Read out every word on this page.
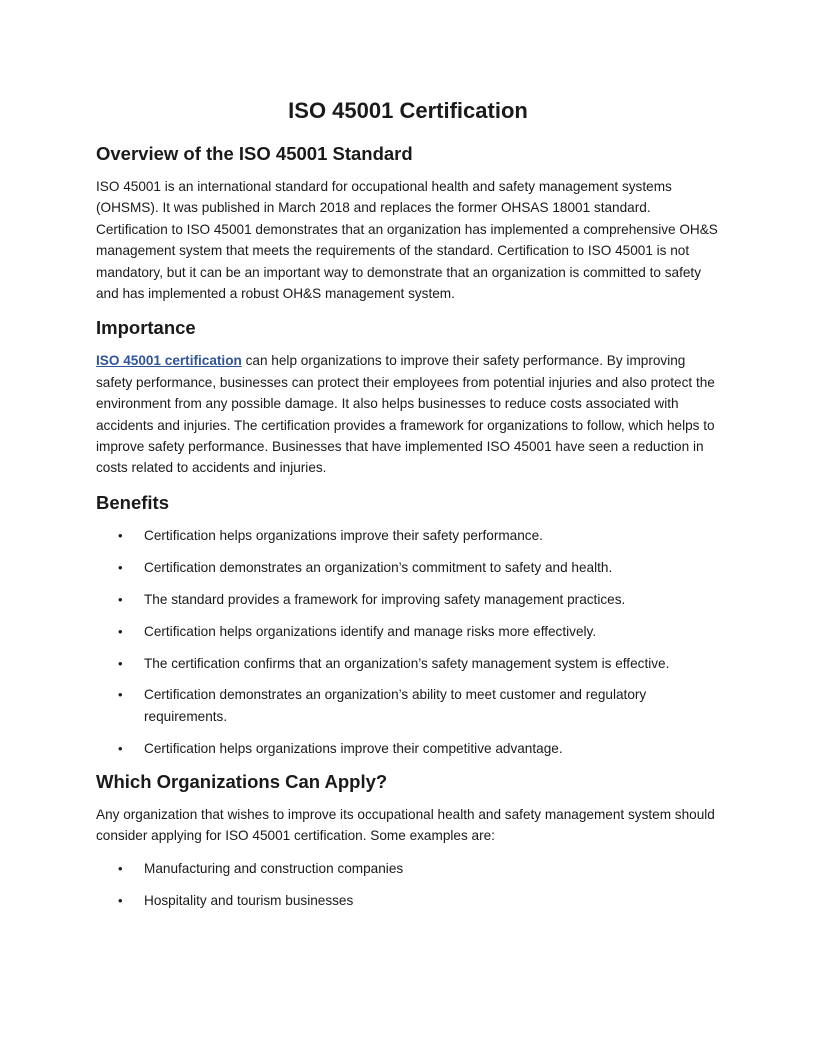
ISO 45001 Certification
Overview of the ISO 45001 Standard

ISO 45001 is an international standard for occupational health and safety management systems (OHSMS). It was published in March 2018 and replaces the former OHSAS 18001 standard. Certification to ISO 45001 demonstrates that an organization has implemented a comprehensive OH&S management system that meets the requirements of the standard. Certification to ISO 45001 is not mandatory, but it can be an important way to demonstrate that an organization is committed to safety and has implemented a robust OH&S management system.

Importance

ISO 45001 certification can help organizations to improve their safety performance. By improving safety performance, businesses can protect their employees from potential injuries and also protect the environment from any possible damage. It also helps businesses to reduce costs associated with accidents and injuries. The certification provides a framework for organizations to follow, which helps to improve safety performance. Businesses that have implemented ISO 45001 have seen a reduction in costs related to accidents and injuries.

Benefits
• Certification helps organizations improve their safety performance.
• Certification demonstrates an organization’s commitment to safety and health.
• The standard provides a framework for improving safety management practices.
• Certification helps organizations identify and manage risks more effectively.
• The certification confirms that an organization’s safety management system is effective.
• Certification demonstrates an organization’s ability to meet customer and regulatory requirements.
• Certification helps organizations improve their competitive advantage.
Which Organizations Can Apply?

Any organization that wishes to improve its occupational health and safety management system should consider applying for ISO 45001 certification. Some examples are:

• Manufacturing and construction companies
• Hospitality and tourism businesses
